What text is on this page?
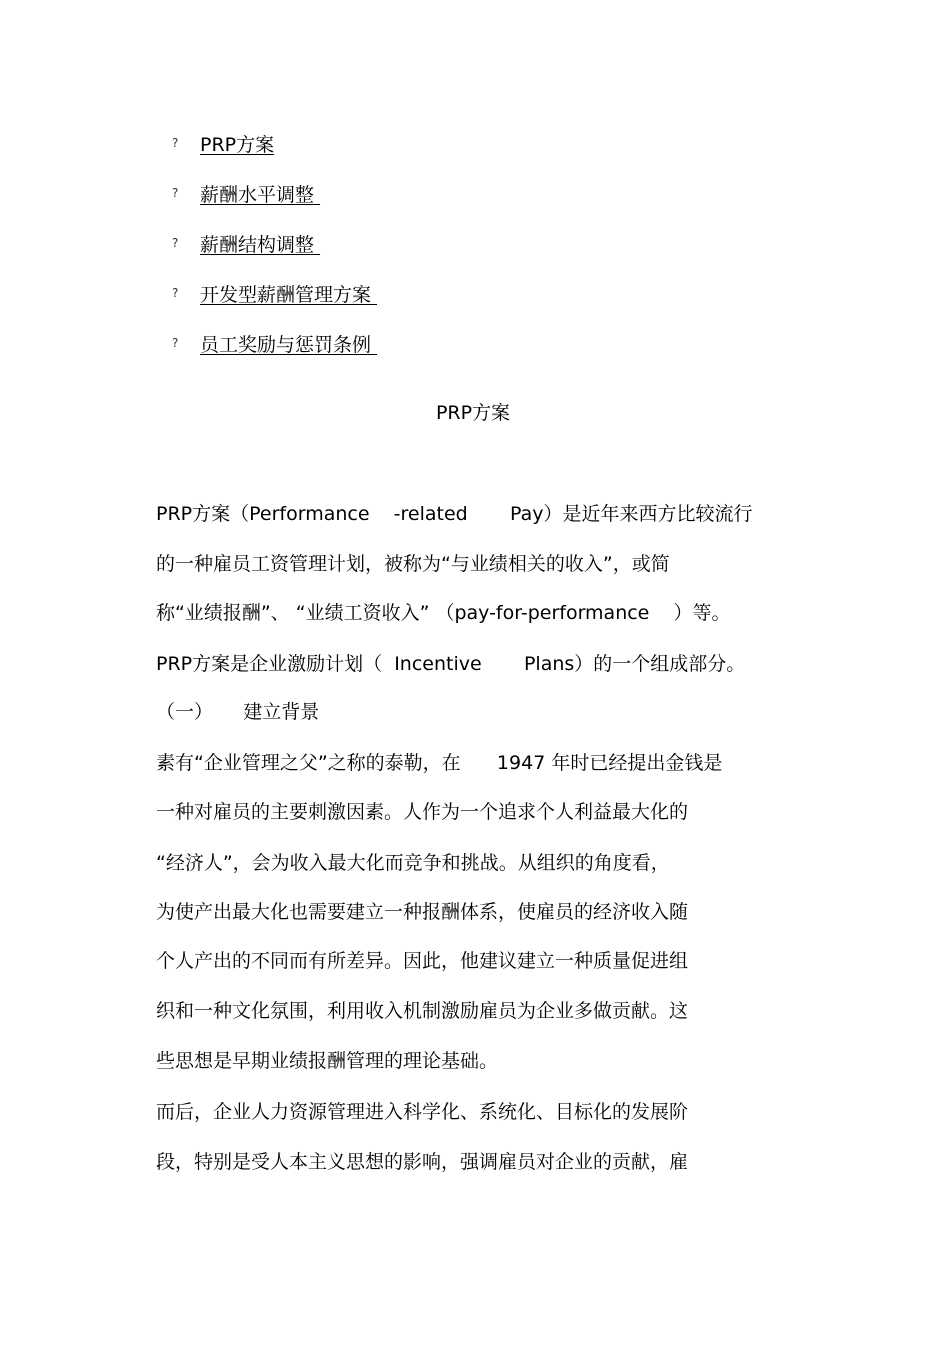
?	PRP方案
?	薪酬水平调整
?	薪酬结构调整
?	开发型薪酬管理方案
?	员工奖励与惩罚条例
PRP方案
PRP方案（Performance    -related       Pay）是近年来西方比较流行
的一种雇员工资管理计划，被称为“与业绩相关的收入”，或简
称“业绩报酬”、 “业绩工资收入” （pay-for-performance    ）等。
PRP方案是企业激励计划（  Incentive       Plans）的一个组成部分。
（一）     建立背景
素有“企业管理之父”之称的泰勒，在      1947 年时已经提出金钱是
一种对雇员的主要刺激因素。人作为一个追求个人利益最大化的
“经济人”，会为收入最大化而竞争和挑战。从组织的角度看，
为使产出最大化也需要建立一种报酬体系，使雇员的经济收入随
个人产出的不同而有所差异。因此，他建议建立一种质量促进组
织和一种文化氛围，利用收入机制激励雇员为企业多做贡献。这
些思想是早期业绩报酬管理的理论基础。
而后，企业人力资源管理进入科学化、系统化、目标化的发展阶
段，特别是受人本主义思想的影响，强调雇员对企业的贡献，雇
